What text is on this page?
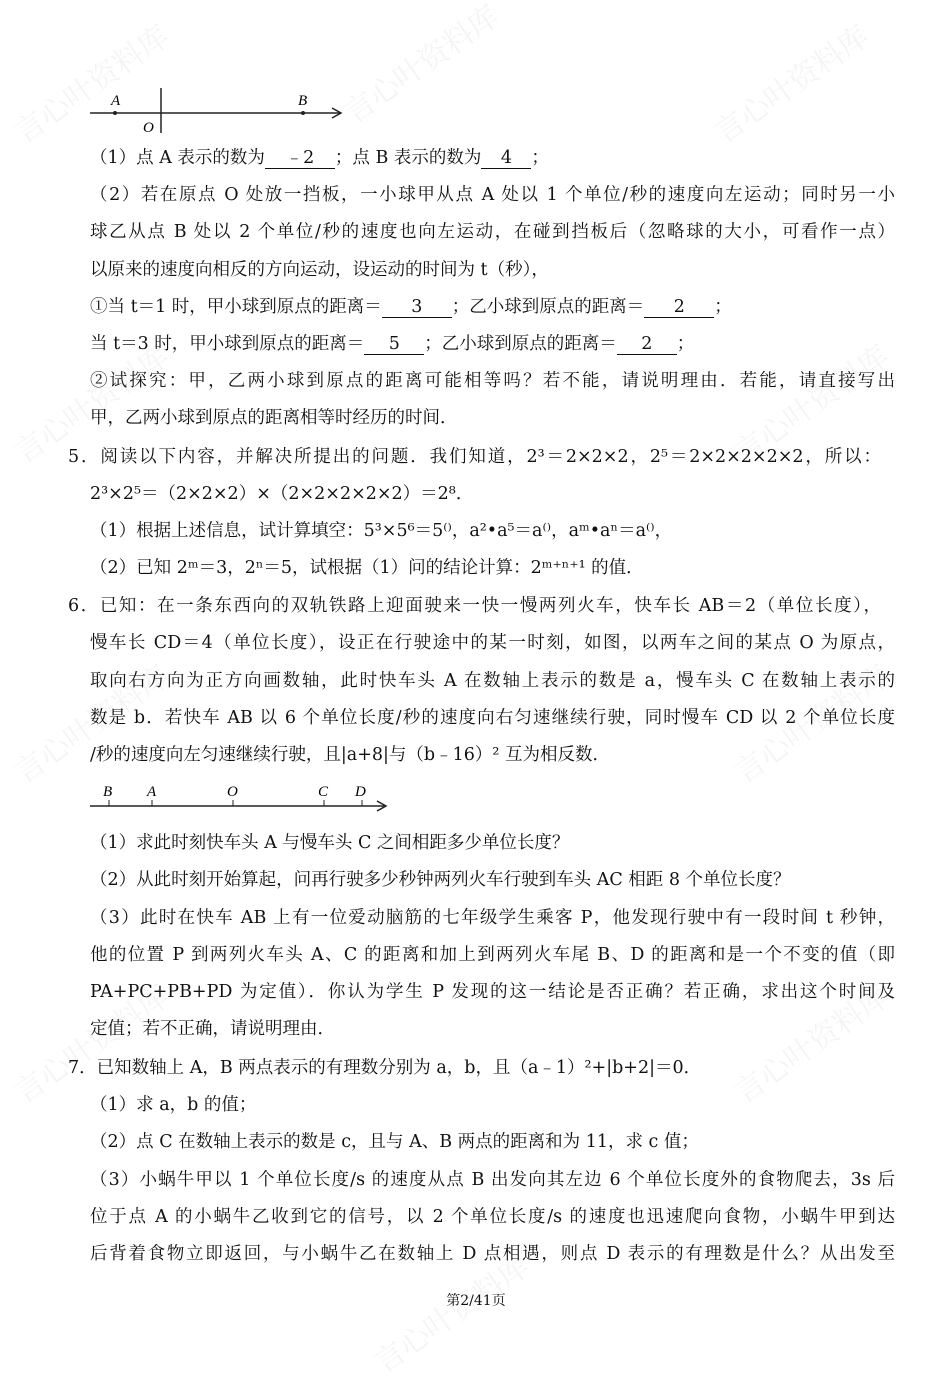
A
O
B
（1）点 A 表示的数为 ﹣2 ；点 B 表示的数为 4 ；
（2）若在原点 O 处放一挡板，一小球甲从点 A 处以 1 个单位/秒的速度向左运动；同时另一小
球乙从点 B 处以 2 个单位/秒的速度也向左运动，在碰到挡板后（忽略球的大小，可看作一点）
以原来的速度向相反的方向运动，设运动的时间为 t（秒），
①当 t＝1 时，甲小球到原点的距离＝ 3 ；乙小球到原点的距离＝ 2 ；
当 t＝3 时，甲小球到原点的距离＝ 5 ；乙小球到原点的距离＝ 2 ；
②试探究：甲，乙两小球到原点的距离可能相等吗？若不能，请说明理由．若能，请直接写出
甲，乙两小球到原点的距离相等时经历的时间．
5．阅读以下内容，并解决所提出的问题．我们知道，2³＝2×2×2，2⁵＝2×2×2×2×2，所以：
2³×2⁵＝（2×2×2）×（2×2×2×2×2）＝2⁸．
（1）根据上述信息，试计算填空：5³×5⁶＝5⁽⁾，a²•a⁵＝a⁽⁾，aᵐ•aⁿ＝a⁽⁾，
（2）已知 2ᵐ＝3，2ⁿ＝5，试根据（1）问的结论计算：2ᵐ⁺ⁿ⁺¹ 的值．
6．已知：在一条东西向的双轨铁路上迎面驶来一快一慢两列火车，快车长 AB＝2（单位长度），
慢车长 CD＝4（单位长度），设正在行驶途中的某一时刻，如图，以两车之间的某点 O 为原点，
取向右方向为正方向画数轴，此时快车头 A 在数轴上表示的数是 a，慢车头 C 在数轴上表示的
数是 b．若快车 AB 以 6 个单位长度/秒的速度向右匀速继续行驶，同时慢车 CD 以 2 个单位长度
/秒的速度向左匀速继续行驶，且|a+8|与（b﹣16）² 互为相反数．
B A	O	C D
（1）求此时刻快车头 A 与慢车头 C 之间相距多少单位长度？
（2）从此时刻开始算起，问再行驶多少秒钟两列火车行驶到车头 AC 相距 8 个单位长度？
（3）此时在快车 AB 上有一位爱动脑筋的七年级学生乘客 P，他发现行驶中有一段时间 t 秒钟，
他的位置 P 到两列火车头 A、C 的距离和加上到两列火车尾 B、D 的距离和是一个不变的值（即
PA+PC+PB+PD 为定值）．你认为学生 P 发现的这一结论是否正确？若正确，求出这个时间及
定值；若不正确，请说明理由．
7．已知数轴上 A，B 两点表示的有理数分别为 a，b，且（a﹣1）²+|b+2|＝0．
（1）求 a，b 的值；
（2）点 C 在数轴上表示的数是 c，且与 A、B 两点的距离和为 11，求 c 值；
（3）小蜗牛甲以 1 个单位长度/s 的速度从点 B 出发向其左边 6 个单位长度外的食物爬去，3s 后
位于点 A 的小蜗牛乙收到它的信号，以 2 个单位长度/s 的速度也迅速爬向食物，小蜗牛甲到达
后背着食物立即返回，与小蜗牛乙在数轴上 D 点相遇，则点 D 表示的有理数是什么？从出发至
第2/41页
